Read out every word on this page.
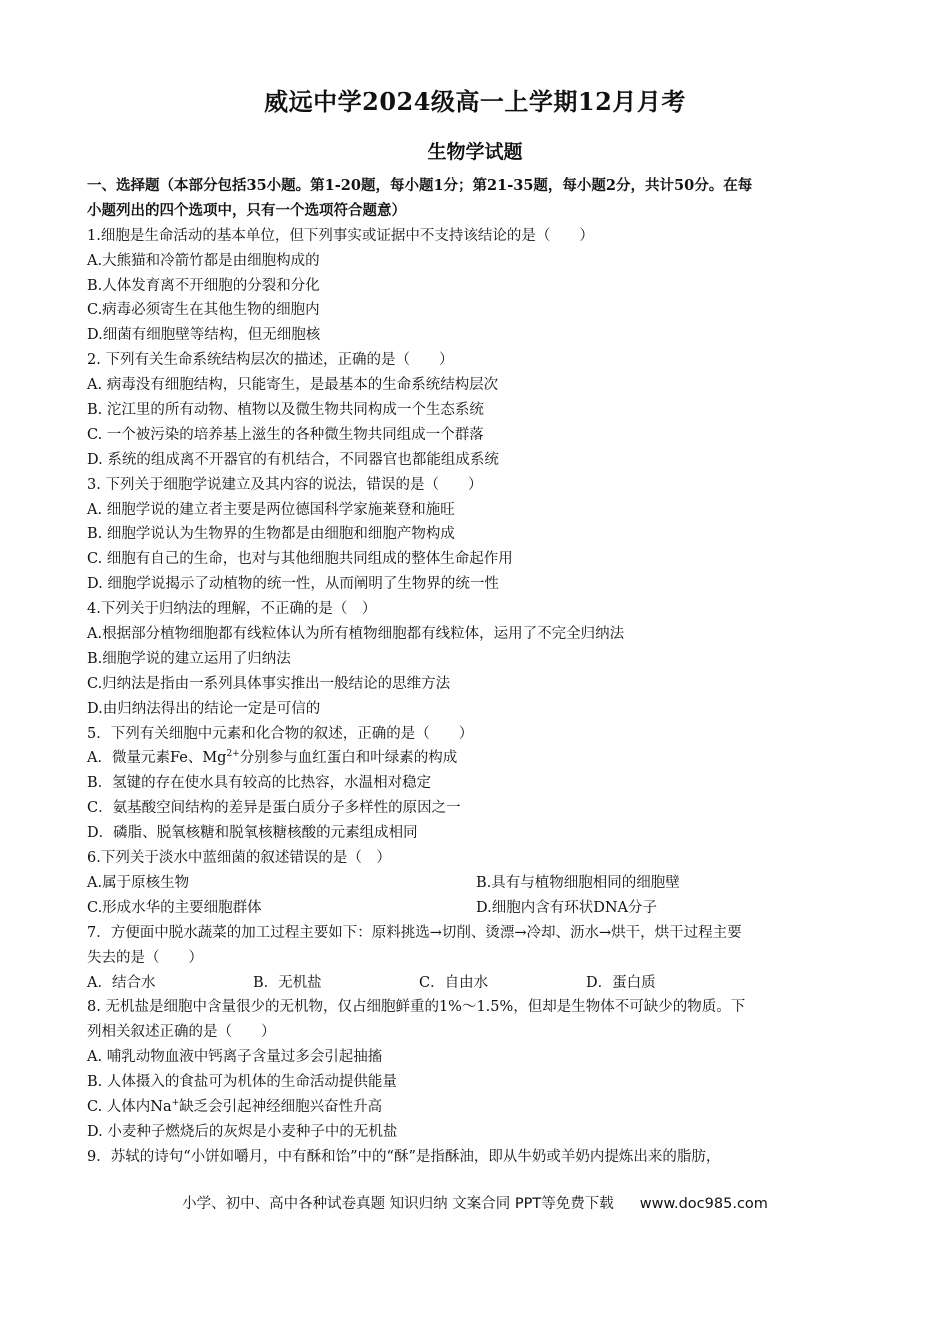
威远中学2024级高一上学期12月月考
生物学试题
一、选择题（本部分包括35小题。第1-20题，每小题1分；第21-35题，每小题2分，共计50分。在每
小题列出的四个选项中，只有一个选项符合题意）
1.细胞是生命活动的基本单位，但下列事实或证据中不支持该结论的是（　　）
A.大熊猫和冷箭竹都是由细胞构成的
B.人体发育离不开细胞的分裂和分化
C.病毒必须寄生在其他生物的细胞内
D.细菌有细胞壁等结构，但无细胞核
2. 下列有关生命系统结构层次的描述，正确的是（　　）
A. 病毒没有细胞结构，只能寄生，是最基本的生命系统结构层次
B. 沱江里的所有动物、植物以及微生物共同构成一个生态系统
C. 一个被污染的培养基上滋生的各种微生物共同组成一个群落
D. 系统的组成离不开器官的有机结合，不同器官也都能组成系统
3. 下列关于细胞学说建立及其内容的说法，错误的是（　　）
A. 细胞学说的建立者主要是两位德国科学家施莱登和施旺
B. 细胞学说认为生物界的生物都是由细胞和细胞产物构成
C. 细胞有自己的生命，也对与其他细胞共同组成的整体生命起作用
D. 细胞学说揭示了动植物的统一性，从而阐明了生物界的统一性
4.下列关于归纳法的理解，不正确的是（　）
A.根据部分植物细胞都有线粒体认为所有植物细胞都有线粒体，运用了不完全归纳法
B.细胞学说的建立运用了归纳法
C.归纳法是指由一系列具体事实推出一般结论的思维方法
D.由归纳法得出的结论一定是可信的
5．下列有关细胞中元素和化合物的叙述，正确的是（　　）
A．微量元素Fe、$Mg^{2+}$分别参与血红蛋白和叶绿素的构成
B．氢键的存在使水具有较高的比热容，水温相对稳定
C．氨基酸空间结构的差异是蛋白质分子多样性的原因之一
D．磷脂、脱氧核糖和脱氧核糖核酸的元素组成相同
6.下列关于淡水中蓝细菌的叙述错误的是（　）
A.属于原核生物	B.具有与植物细胞相同的细胞壁
C.形成水华的主要细胞群体	D.细胞内含有环状DNA分子
7．方便面中脱水蔬菜的加工过程主要如下：原料挑选→切削、烫漂→冷却、沥水→烘干，烘干过程主要
失去的是（　　）
A．结合水	B．无机盐	C．自由水	D．蛋白质
8. 无机盐是细胞中含量很少的无机物，仅占细胞鲜重的1%～1.5%，但却是生物体不可缺少的物质。下
列相关叙述正确的是（　　）
A. 哺乳动物血液中钙离子含量过多会引起抽搐
B. 人体摄入的食盐可为机体的生命活动提供能量
C. 人体内Na+缺乏会引起神经细胞兴奋性升高
D. 小麦种子燃烧后的灰烬是小麦种子中的无机盐
9．苏轼的诗句“小饼如嚼月，中有酥和饴”中的“酥”是指酥油，即从牛奶或羊奶内提炼出来的脂肪，
小学、初中、高中各种试卷真题 知识归纳 文案合同 PPT等免费下载 www.doc985.com
